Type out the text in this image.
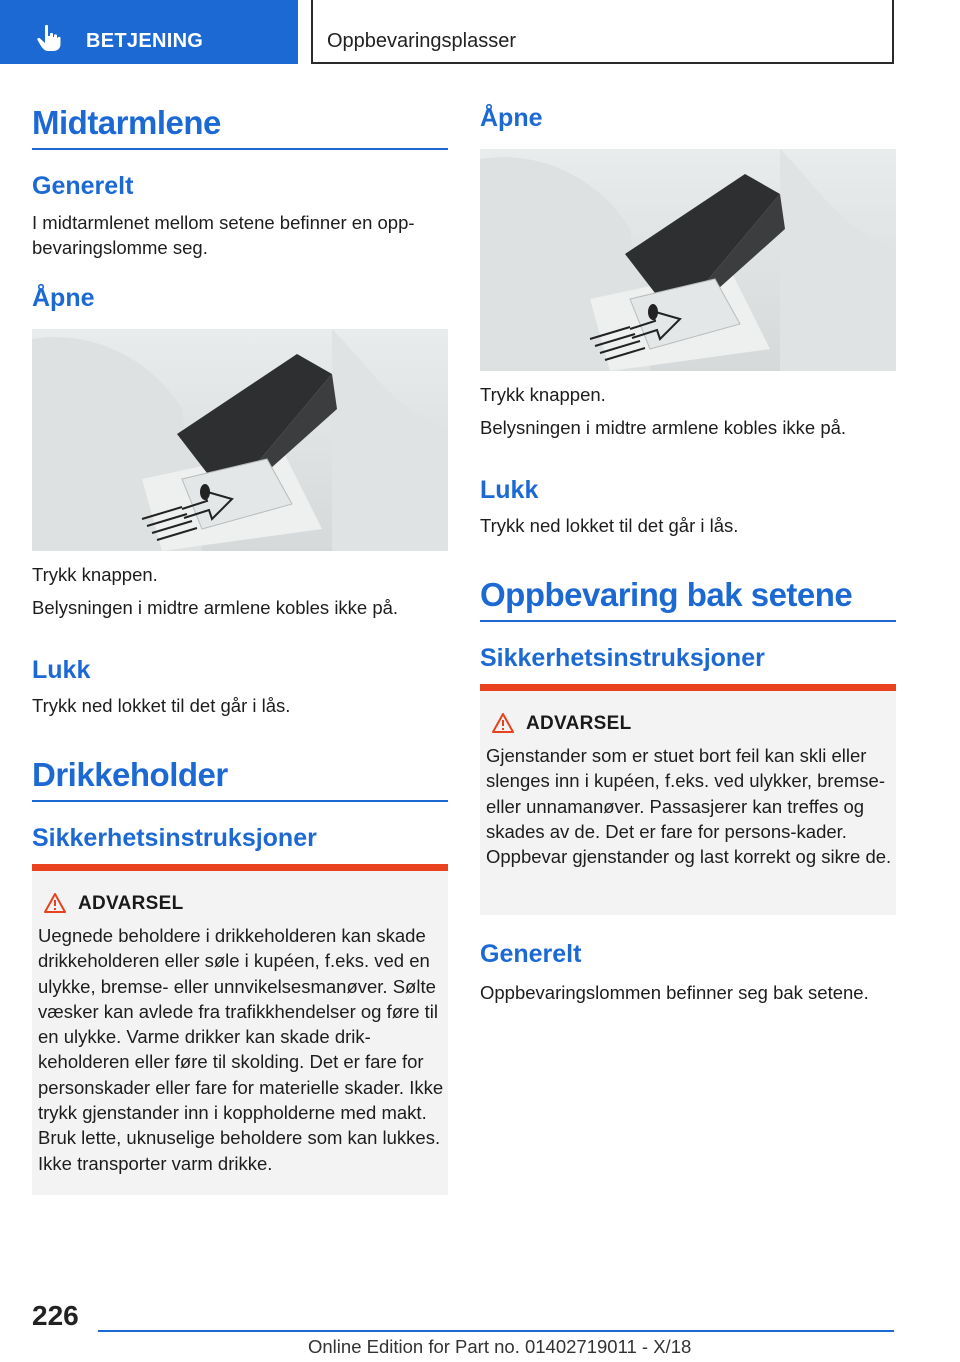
BETJENING	Oppbevaringsplasser
Midtarmlene
Generelt
I midtarmlenet mellom setene befinner en opp-bevaringslomme seg.
Åpne
Trykk knappen.
Belysningen i midtre armlene kobles ikke på.
Lukk
Trykk ned lokket til det går i lås.
Drikkeholder
Sikkerhetsinstruksjoner
ADVARSEL
Uegnede beholdere i drikkeholderen kan skade drikkeholderen eller søle i kupéen, f.eks. ved en ulykke, bremse- eller unnvikelsesmanøver. Sølte væsker kan avlede fra trafikkhendelser og føre til en ulykke. Varme drikker kan skade drik-keholderen eller føre til skolding. Det er fare for personskader eller fare for materielle skader. Ikke trykk gjenstander inn i koppholderne med makt. Bruk lette, uknuselige beholdere som kan lukkes. Ikke transporter varm drikke.
Åpne
Trykk knappen.
Belysningen i midtre armlene kobles ikke på.
Lukk
Trykk ned lokket til det går i lås.
Oppbevaring bak setene
Sikkerhetsinstruksjoner
ADVARSEL
Gjenstander som er stuet bort feil kan skli eller slenges inn i kupéen, f.eks. ved ulykker, bremse- eller unnamanøver. Passasjerer kan treffes og skades av de. Det er fare for persons-kader. Oppbevar gjenstander og last korrekt og sikre de.
Generelt
Oppbevaringslommen befinner seg bak setene.
226
Online Edition for Part no. 01402719011 - X/18
